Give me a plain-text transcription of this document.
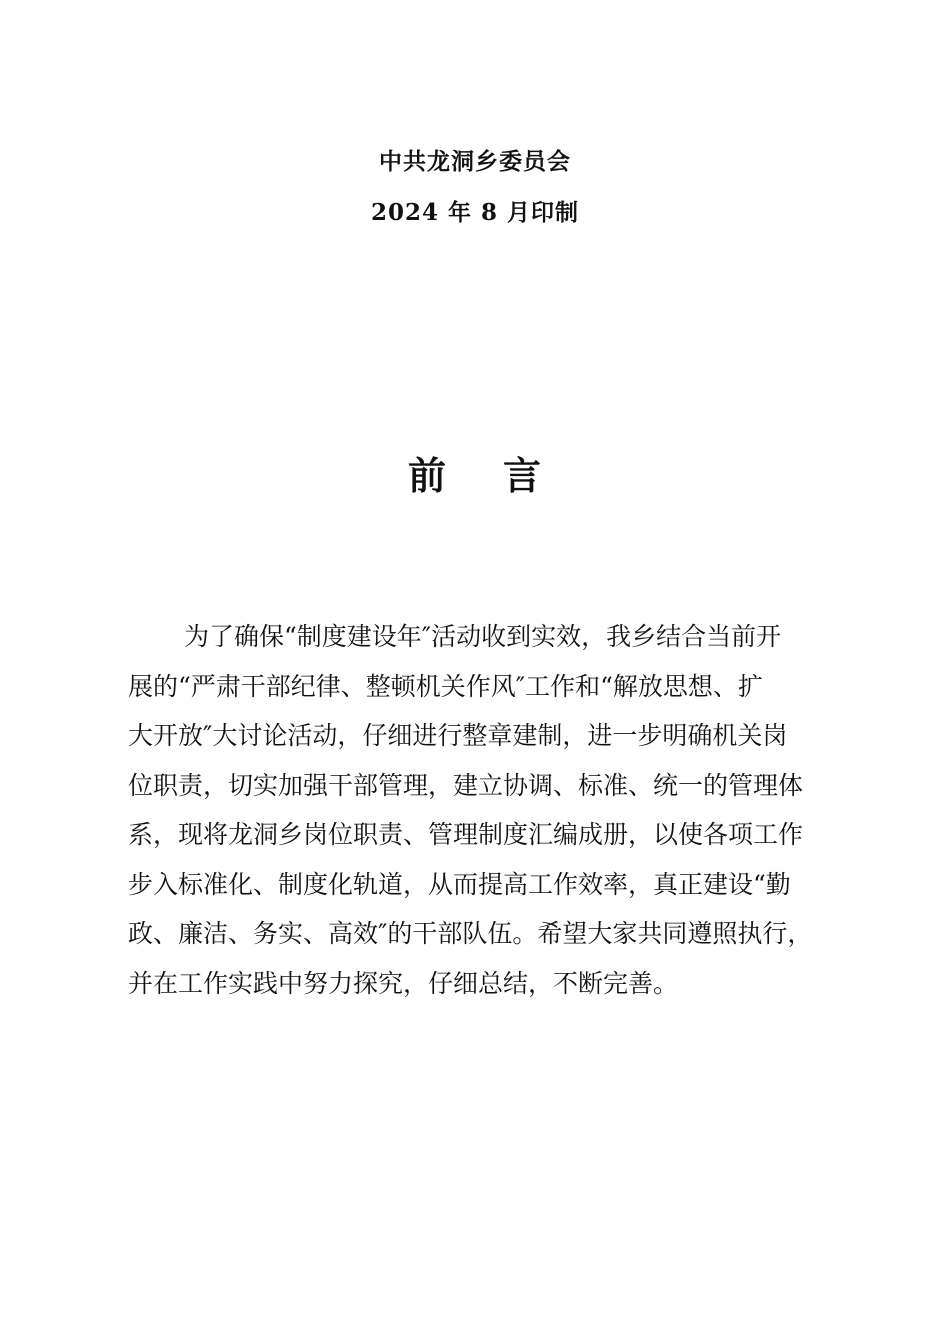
中共龙洞乡委员会
2024 年 8 月印制
前 言
为了确保“制度建设年″活动收到实效，我乡结合当前开
展的“严肃干部纪律、整顿机关作风″工作和“解放思想、扩
大开放″大讨论活动，仔细进行整章建制，进一步明确机关岗
位职责，切实加强干部管理，建立协调、标准、统一的管理体
系，现将龙洞乡岗位职责、管理制度汇编成册，以使各项工作
步入标准化、制度化轨道，从而提高工作效率，真正建设“勤
政、廉洁、务实、高效″的干部队伍。希望大家共同遵照执行，
并在工作实践中努力探究，仔细总结，不断完善。
